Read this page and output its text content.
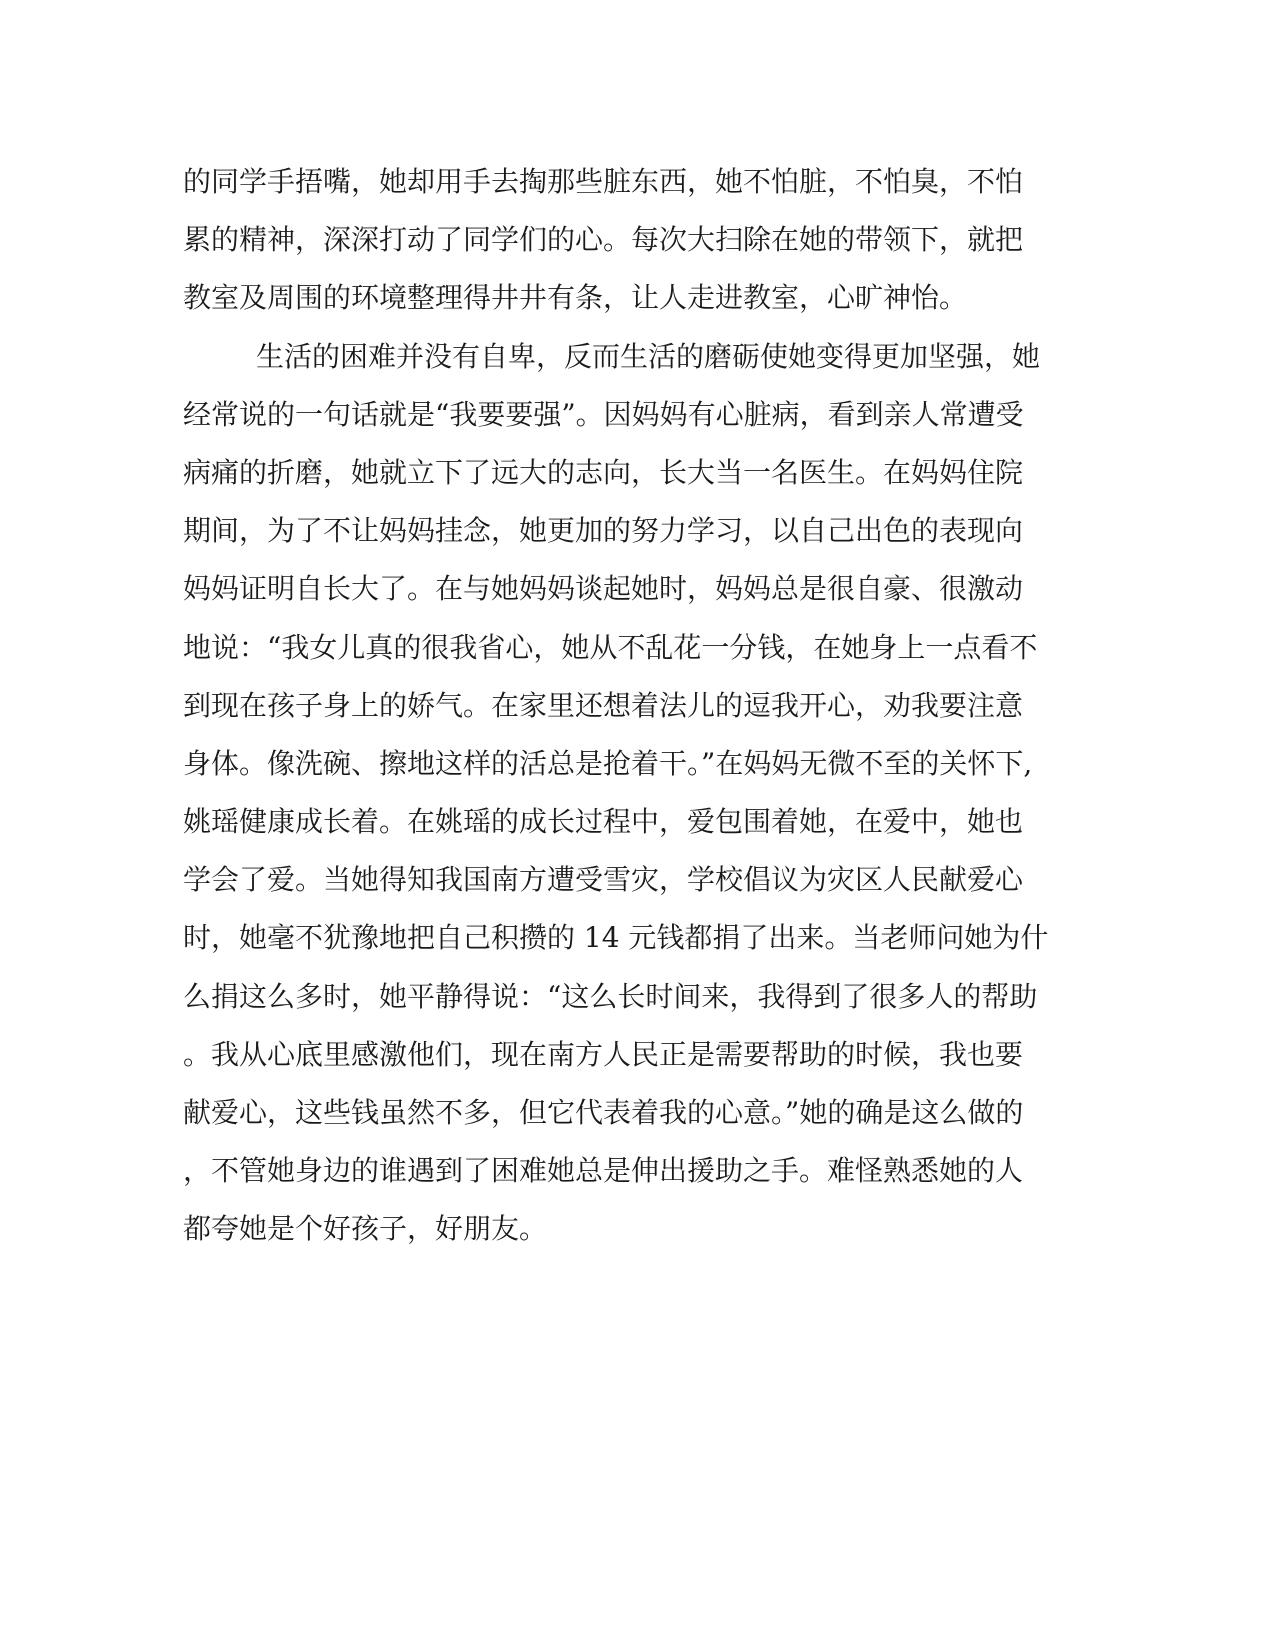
的同学手捂嘴，她却用手去掏那些脏东西，她不怕脏，不怕臭，不怕
累的精神，深深打动了同学们的心。每次大扫除在她的带领下，就把
教室及周围的环境整理得井井有条，让人走进教室，心旷神怡。
生活的困难并没有自卑，反而生活的磨砺使她变得更加坚强，她
经常说的一句话就是“我要要强”。因妈妈有心脏病，看到亲人常遭受
病痛的折磨，她就立下了远大的志向，长大当一名医生。在妈妈住院
期间，为了不让妈妈挂念，她更加的努力学习，以自己出色的表现向
妈妈证明自长大了。在与她妈妈谈起她时，妈妈总是很自豪、很激动
地说：“我女儿真的很我省心，她从不乱花一分钱，在她身上一点看不
到现在孩子身上的娇气。在家里还想着法儿的逗我开心，劝我要注意
身体。像洗碗、擦地这样的活总是抢着干。”在妈妈无微不至的关怀下,
姚瑶健康成长着。在姚瑶的成长过程中，爱包围着她，在爱中，她也
学会了爱。当她得知我国南方遭受雪灾，学校倡议为灾区人民献爱心
时，她毫不犹豫地把自己积攒的 14 元钱都捐了出来。当老师问她为什
么捐这么多时，她平静得说：“这么长时间来，我得到了很多人的帮助
。我从心底里感激他们，现在南方人民正是需要帮助的时候，我也要
献爱心，这些钱虽然不多，但它代表着我的心意。”她的确是这么做的
，不管她身边的谁遇到了困难她总是伸出援助之手。难怪熟悉她的人
都夸她是个好孩子，好朋友。
